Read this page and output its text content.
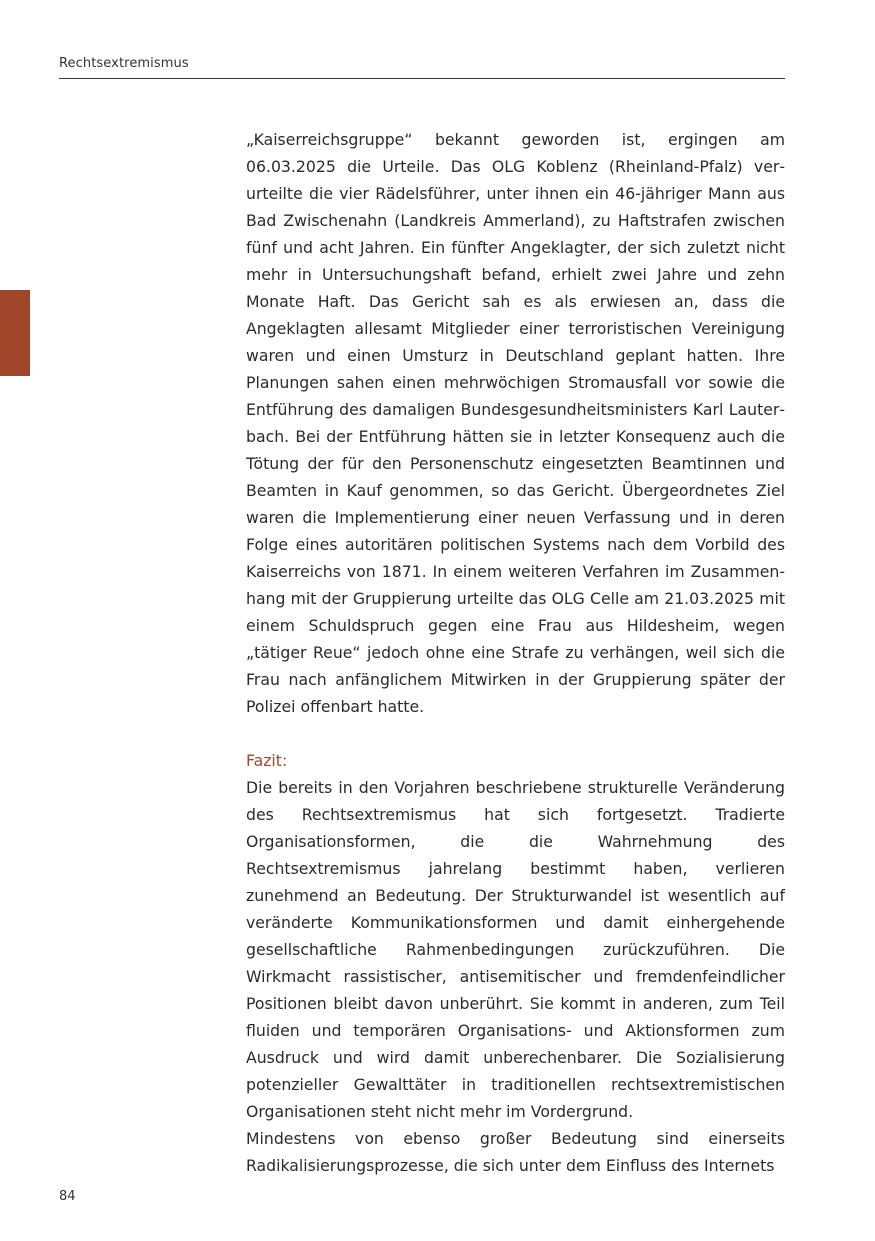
Rechtsextremismus

„Kaiserreichsgruppe“ bekannt geworden ist, ergingen am 06.03.2025 die Urteile. Das OLG Koblenz (Rheinland-Pfalz) verurteilte die vier Rädelsführer, unter ihnen ein 46-jähriger Mann aus Bad Zwischenahn (Landkreis Ammerland), zu Haftstrafen zwischen fünf und acht Jahren. Ein fünfter Angeklagter, der sich zuletzt nicht mehr in Untersuchungshaft befand, erhielt zwei Jahre und zehn Monate Haft. Das Gericht sah es als erwiesen an, dass die Angeklagten allesamt Mitglieder einer terroristischen Vereinigung waren und einen Umsturz in Deutschland geplant hatten. Ihre Planungen sahen einen mehrwöchigen Stromausfall vor sowie die Entführung des damaligen Bundesgesundheitsministers Karl Lauterbach. Bei der Entführung hätten sie in letzter Konsequenz auch die Tötung der für den Personenschutz eingesetzten Beamtinnen und Beamten in Kauf genommen, so das Gericht. Übergeordnetes Ziel waren die Implementierung einer neuen Verfassung und in deren Folge eines autoritären politischen Systems nach dem Vorbild des Kaiserreichs von 1871. In einem weiteren Verfahren im Zusammenhang mit der Gruppierung urteilte das OLG Celle am 21.03.2025 mit einem Schuldspruch gegen eine Frau aus Hildesheim, wegen „tätiger Reue“ jedoch ohne eine Strafe zu verhängen, weil sich die Frau nach anfänglichem Mitwirken in der Gruppierung später der Polizei offenbart hatte.

Fazit:

Die bereits in den Vorjahren beschriebene strukturelle Veränderung des Rechtsextremismus hat sich fortgesetzt. Tradierte Organisationsformen, die die Wahrnehmung des Rechtsextremismus jahrelang bestimmt haben, verlieren zunehmend an Bedeutung. Der Strukturwandel ist wesentlich auf veränderte Kommunikationsformen und damit einhergehende gesellschaftliche Rahmenbedingungen zurückzuführen. Die Wirkmacht rassistischer, antisemitischer und fremdenfeindlicher Positionen bleibt davon unberührt. Sie kommt in anderen, zum Teil fluiden und temporären Organisations- und Aktionsformen zum Ausdruck und wird damit unberechenbarer. Die Sozialisierung potenzieller Gewalttäter in traditionellen rechtsextremistischen Organisationen steht nicht mehr im Vordergrund.

Mindestens von ebenso großer Bedeutung sind einerseits Radikalisierungsprozesse, die sich unter dem Einfluss des Internets

84
